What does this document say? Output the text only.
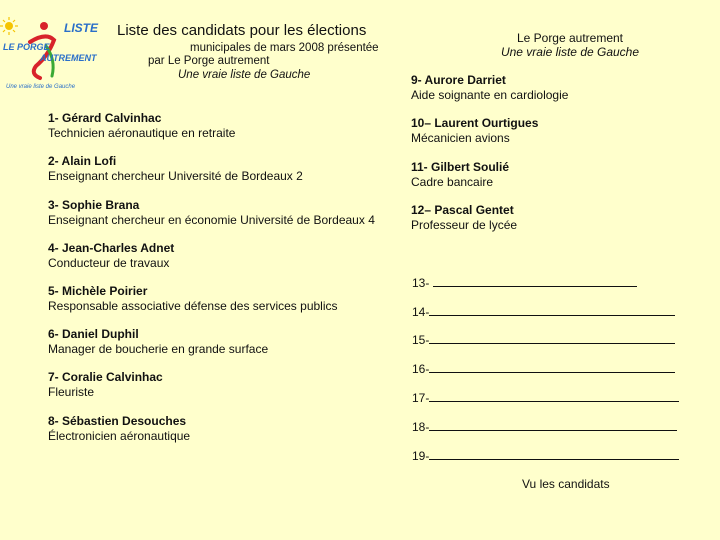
LISTE
LE PORGE
AUTREMENT
Une vraie liste de Gauche
Liste des candidats pour les élections
municipales de mars 2008 présentée
par Le Porge autrement
Une vraie liste de Gauche
Le Porge autrement
Une vraie liste de Gauche
1- Gérard Calvinhac
Technicien aéronautique en retraite
2- Alain Lofi
Enseignant chercheur Université de Bordeaux 2
3- Sophie Brana
Enseignant chercheur en économie Université de Bordeaux 4
4- Jean-Charles Adnet
Conducteur de travaux
5- Michèle Poirier
Responsable associative défense des services publics
6- Daniel Duphil
Manager de boucherie en grande surface
7- Coralie Calvinhac
Fleuriste
8- Sébastien Desouches
Électronicien aéronautique
9- Aurore Darriet
Aide soignante en cardiologie
10– Laurent Ourtigues
Mécanicien avions
11- Gilbert Soulié
Cadre bancaire
12– Pascal Gentet
Professeur de lycée
13-
14-
15-
16-
17-
18-
19-
Vu les candidats
